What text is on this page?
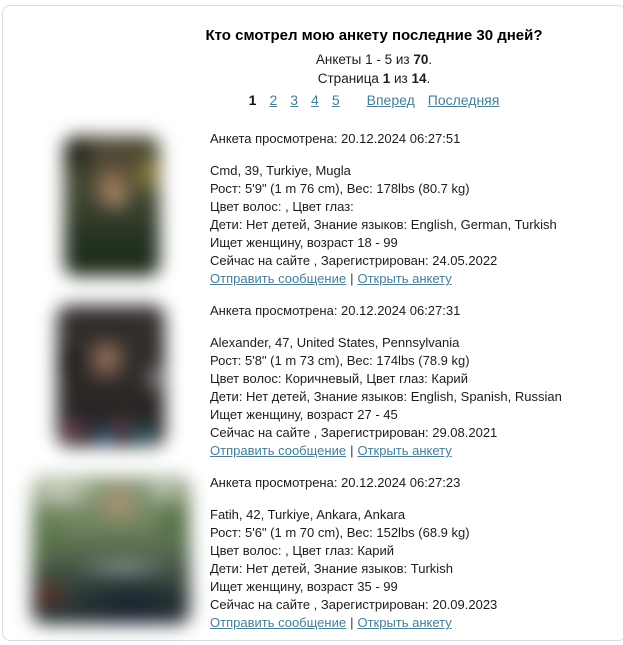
Кто смотрел мою анкету последние 30 дней?
Анкеты 1 - 5 из 70.
Страница 1 из 14.
1 2 3 4 5 Вперед Последняя
Анкета просмотрена: 20.12.2024 06:27:51
Cmd, 39, Turkiye, Mugla
Рост: 5'9" (1 m 76 cm), Вес: 178lbs (80.7 kg)
Цвет волос: , Цвет глаз:
Дети: Нет детей, Знание языков: English, German, Turkish
Ищет женщину, возраст 18 - 99
Сейчас на сайте , Зарегистрирован: 24.05.2022
Отправить сообщение | Открыть анкету
Анкета просмотрена: 20.12.2024 06:27:31
Alexander, 47, United States, Pennsylvania
Рост: 5'8" (1 m 73 cm), Вес: 174lbs (78.9 kg)
Цвет волос: Коричневый, Цвет глаз: Карий
Дети: Нет детей, Знание языков: English, Spanish, Russian
Ищет женщину, возраст 27 - 45
Сейчас на сайте , Зарегистрирован: 29.08.2021
Отправить сообщение | Открыть анкету
Анкета просмотрена: 20.12.2024 06:27:23
Fatih, 42, Turkiye, Ankara, Ankara
Рост: 5'6" (1 m 70 cm), Вес: 152lbs (68.9 kg)
Цвет волос: , Цвет глаз: Карий
Дети: Нет детей, Знание языков: Turkish
Ищет женщину, возраст 35 - 99
Сейчас на сайте , Зарегистрирован: 20.09.2023
Отправить сообщение | Открыть анкету
